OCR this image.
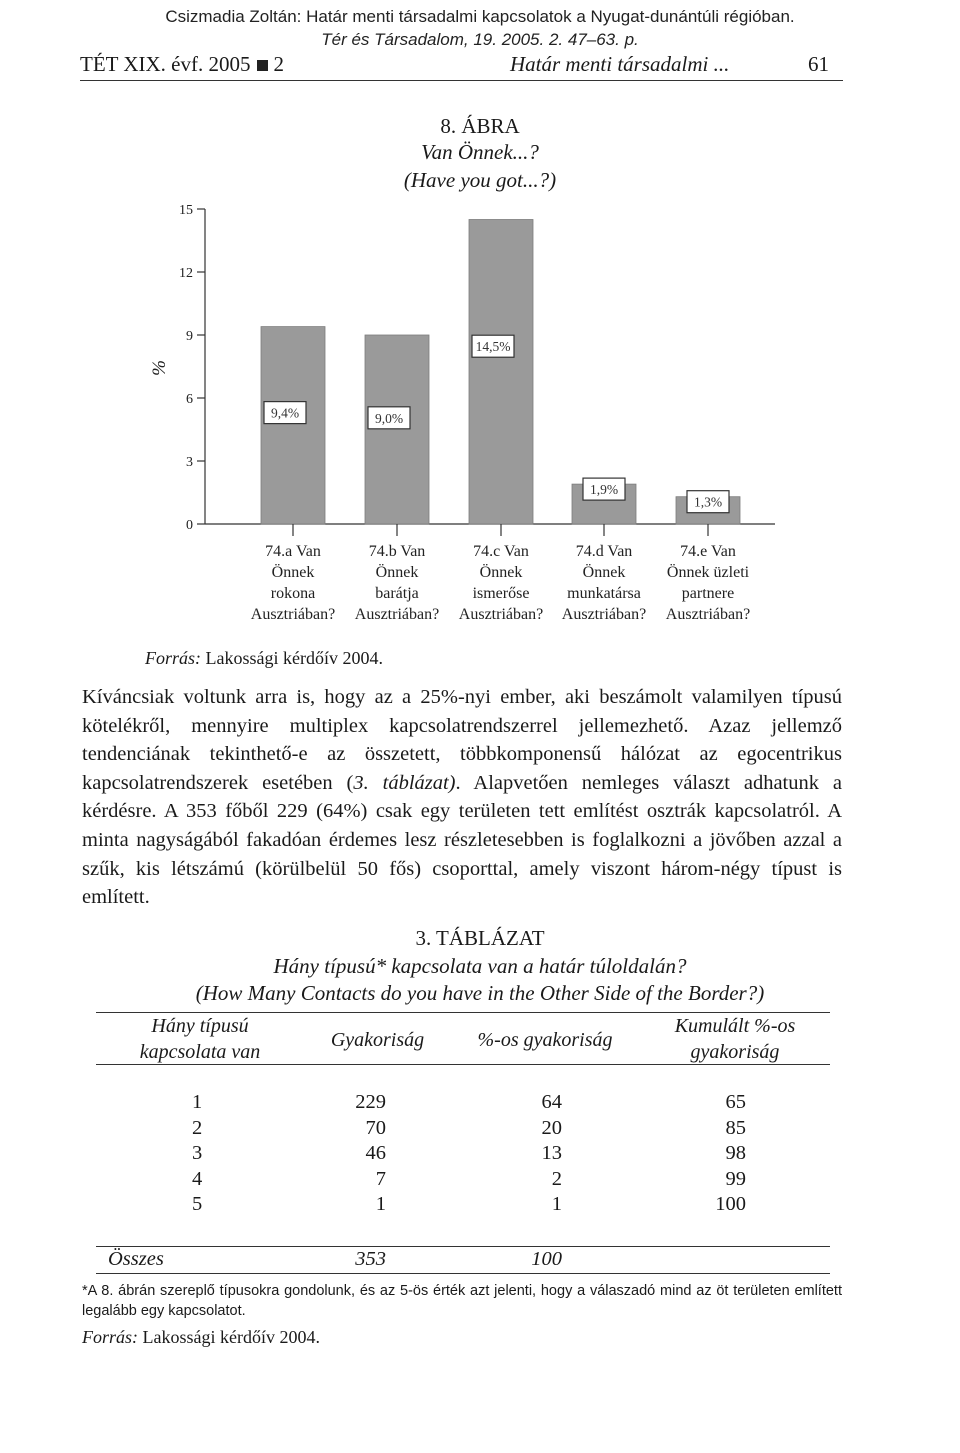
Csizmadia Zoltán: Határ menti társadalmi kapcsolatok a Nyugat-dunántúli régióban.
Tér és Társadalom, 19. 2005. 2. 47–63. p.
TÉT XIX. évf. 2005 2	Határ menti társadalmi ...	61
8. ÁBRA
Van Önnek...?
(Have you got...?)
0
3
6
9
12
15
%
9,4%
74.a Van
Önnek
rokona
Ausztriában?
9,0%
74.b Van
Önnek
barátja
Ausztriában?
14,5%
74.c Van
Önnek
ismerőse
Ausztriában?
1,9%
74.d Van
Önnek
munkatársa
Ausztriában?
1,3%
74.e Van
Önnek üzleti
partnere
Ausztriában?
Forrás: Lakossági kérdőív 2004.

Kíváncsiak voltunk arra is, hogy az a 25%-nyi ember, aki beszámolt valamilyen típusú kötelékről, mennyire multiplex kapcsolatrendszerrel jellemezhető. Azaz jellemző tendenciának tekinthető-e az összetett, többkomponensű hálózat az egocentrikus kapcsolatrendszerek esetében (3. táblázat). Alapvetően nemleges választ adhatunk a kérdésre. A 353 főből 229 (64%) csak egy területen tett említést osztrák kapcsolatról. A minta nagyságából fakadóan érdemes lesz részletesebben is foglalkozni a jövőben azzal a szűk, kis létszámú (körülbelül 50 fős) csoporttal, amely viszont három-négy típust is említett.

3. TÁBLÁZAT
Hány típusú* kapcsolata van a határ túloldalán?
(How Many Contacts do you have in the Other Side of the Border?)
Hány típusú
kapcsolata van
Gyakoriság	%-os gyakoriság
Kumulált %-os
gyakoriság
1	229	64	65
2	70	20	85
3	46	13	98
4	7	2	99
5	1	1	100
Összes	353	100
*A 8. ábrán szereplő típusokra gondolunk, és az 5-ös érték azt jelenti, hogy a válaszadó mind az öt területen említett legalább egy kapcsolatot.
Forrás: Lakossági kérdőív 2004.
